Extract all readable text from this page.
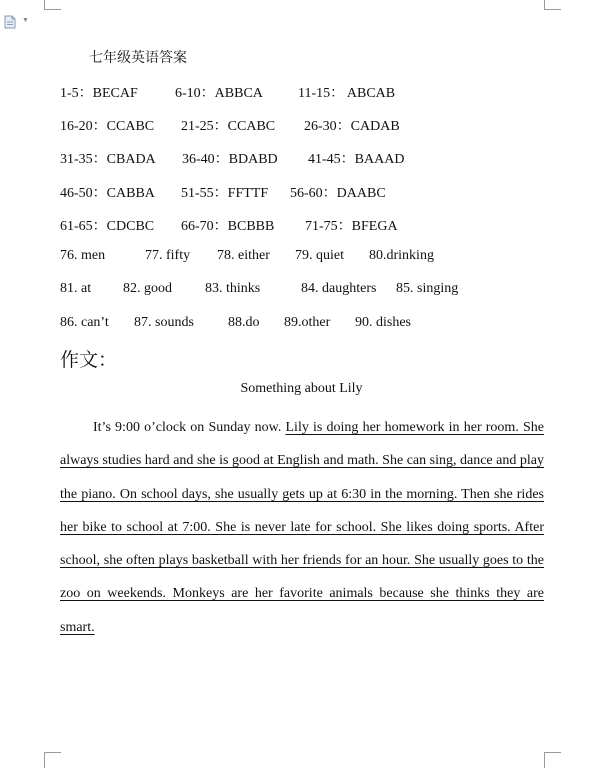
▼
七年级英语答案
1-5：BECAF	6-10：ABBCA	11-15： ABCAB
16-20：CCABC 21-25：CCABC 26-30：CADAB
31-35：CBADA 36-40：BDABD 41-45：BAAAD
46-50：CABBA 51-55：FFTTF 56-60：DAABC
61-65：CDCBC 66-70：BCBBB 71-75：BFEGA
76. men	77. fifty 78. either 79. quiet 80.drinking
81. at 82. good 83. thinks	84. daughters 85. singing
86. can’t 87. sounds 88.do 89.other 90. dishes
作文：
Something about Lily
It’s 9:00 o’clock on Sunday now. Lily is doing her homework in her room. She always studies hard and she is good at English and math. She can sing, dance and play the piano. On school days, she usually gets up at 6:30 in the morning. Then she rides her bike to school at 7:00. She is never late for school. She likes doing sports. After school, she often plays basketball with her friends for an hour. She usually goes to the zoo on weekends. Monkeys are her favorite animals because she thinks they are smart.
